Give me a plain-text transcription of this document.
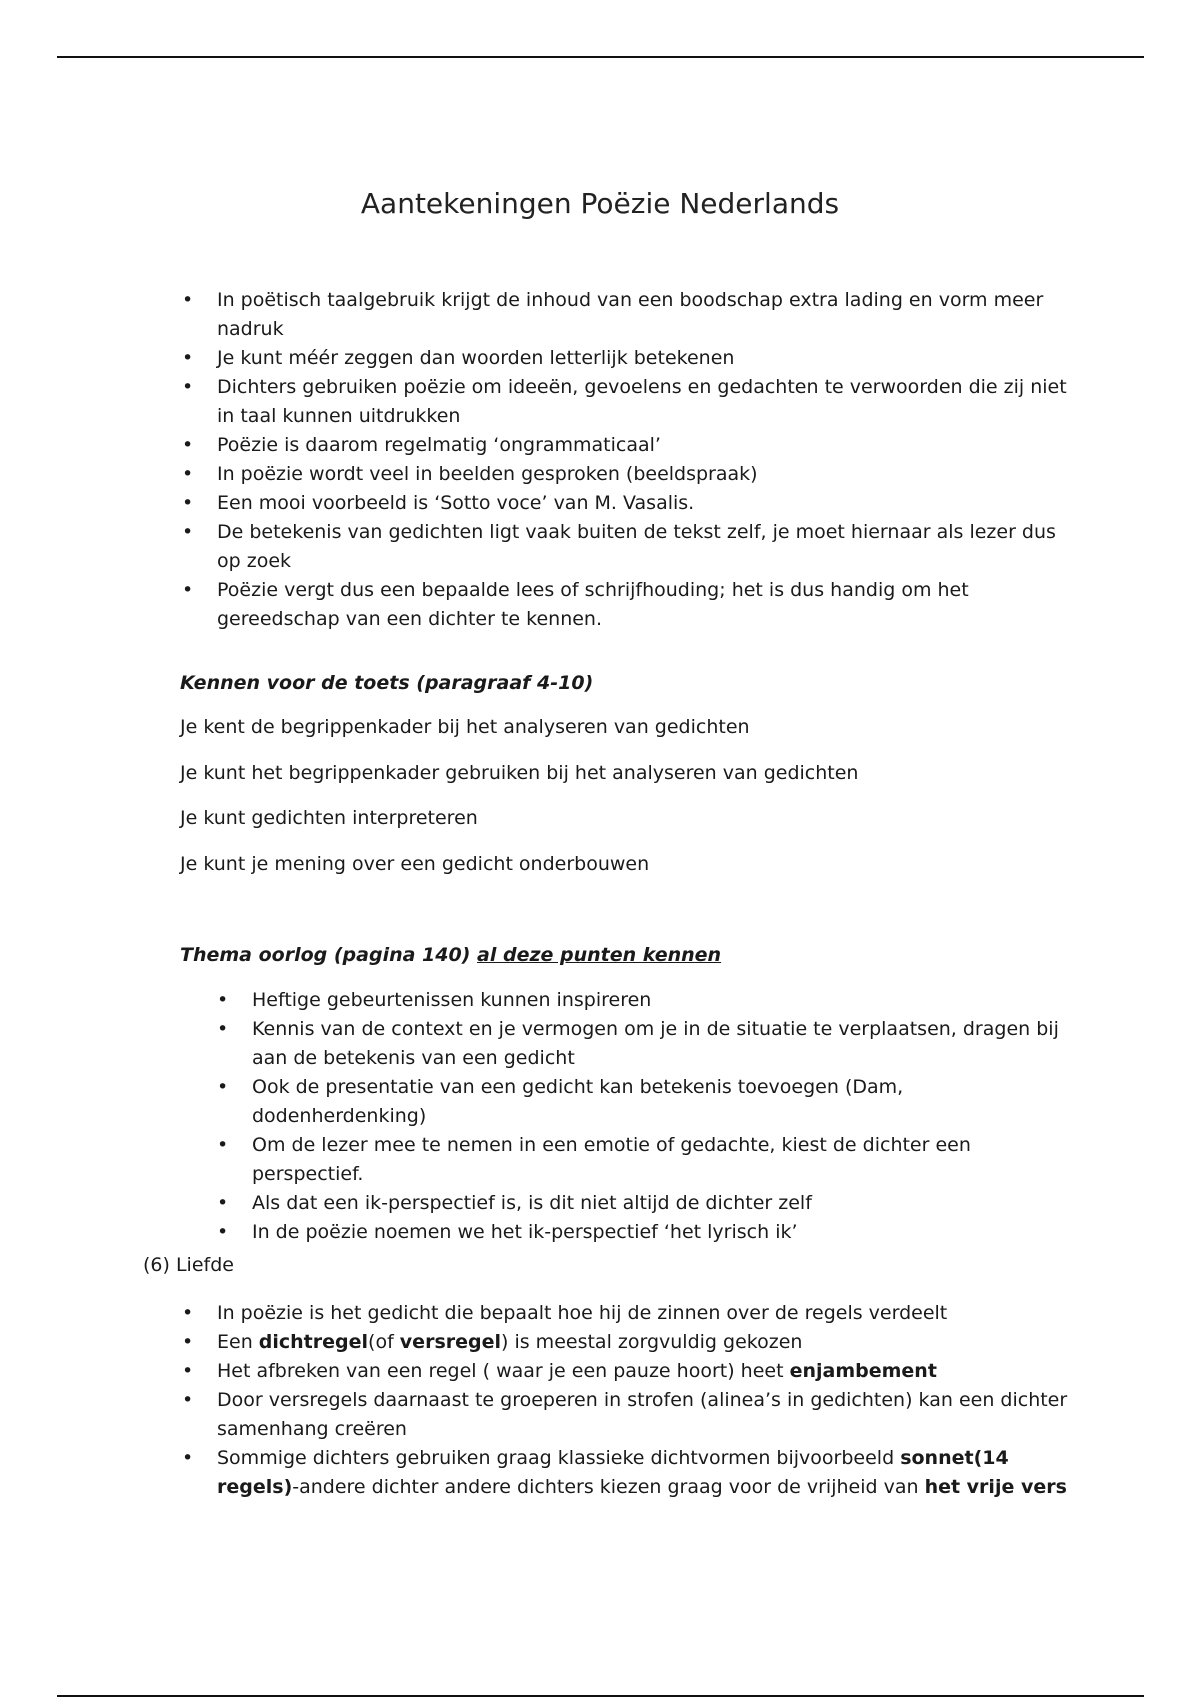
Aantekeningen Poëzie Nederlands
• In poëtisch taalgebruik krijgt de inhoud van een boodschap extra lading en vorm meer nadruk
• Je kunt méér zeggen dan woorden letterlijk betekenen
• Dichters gebruiken poëzie om ideeën, gevoelens en gedachten te verwoorden die zij niet in taal kunnen uitdrukken
• Poëzie is daarom regelmatig ‘ongrammaticaal’
• In poëzie wordt veel in beelden gesproken (beeldspraak)
• Een mooi voorbeeld is ‘Sotto voce’ van M. Vasalis.
• De betekenis van gedichten ligt vaak buiten de tekst zelf, je moet hiernaar als lezer dus op zoek
• Poëzie vergt dus een bepaalde lees of schrijfhouding; het is dus handig om het gereedschap van een dichter te kennen.
Kennen voor de toets (paragraaf 4-10)
Je kent de begrippenkader bij het analyseren van gedichten
Je kunt het begrippenkader gebruiken bij het analyseren van gedichten
Je kunt gedichten interpreteren
Je kunt je mening over een gedicht onderbouwen
Thema oorlog (pagina 140) al deze punten kennen
• Heftige gebeurtenissen kunnen inspireren
• Kennis van de context en je vermogen om je in de situatie te verplaatsen, dragen bij aan de betekenis van een gedicht
• Ook de presentatie van een gedicht kan betekenis toevoegen (Dam, dodenherdenking)
• Om de lezer mee te nemen in een emotie of gedachte, kiest de dichter een perspectief.
• Als dat een ik-perspectief is, is dit niet altijd de dichter zelf
• In de poëzie noemen we het ik-perspectief ‘het lyrisch ik’
(6) Liefde
• In poëzie is het gedicht die bepaalt hoe hij de zinnen over de regels verdeelt
• Een dichtregel(of versregel) is meestal zorgvuldig gekozen
• Het afbreken van een regel ( waar je een pauze hoort) heet enjambement
• Door versregels daarnaast te groeperen in strofen (alinea’s in gedichten) kan een dichter samenhang creëren
• Sommige dichters gebruiken graag klassieke dichtvormen bijvoorbeeld sonnet(14 regels)-andere dichter andere dichters kiezen graag voor de vrijheid van het vrije vers
